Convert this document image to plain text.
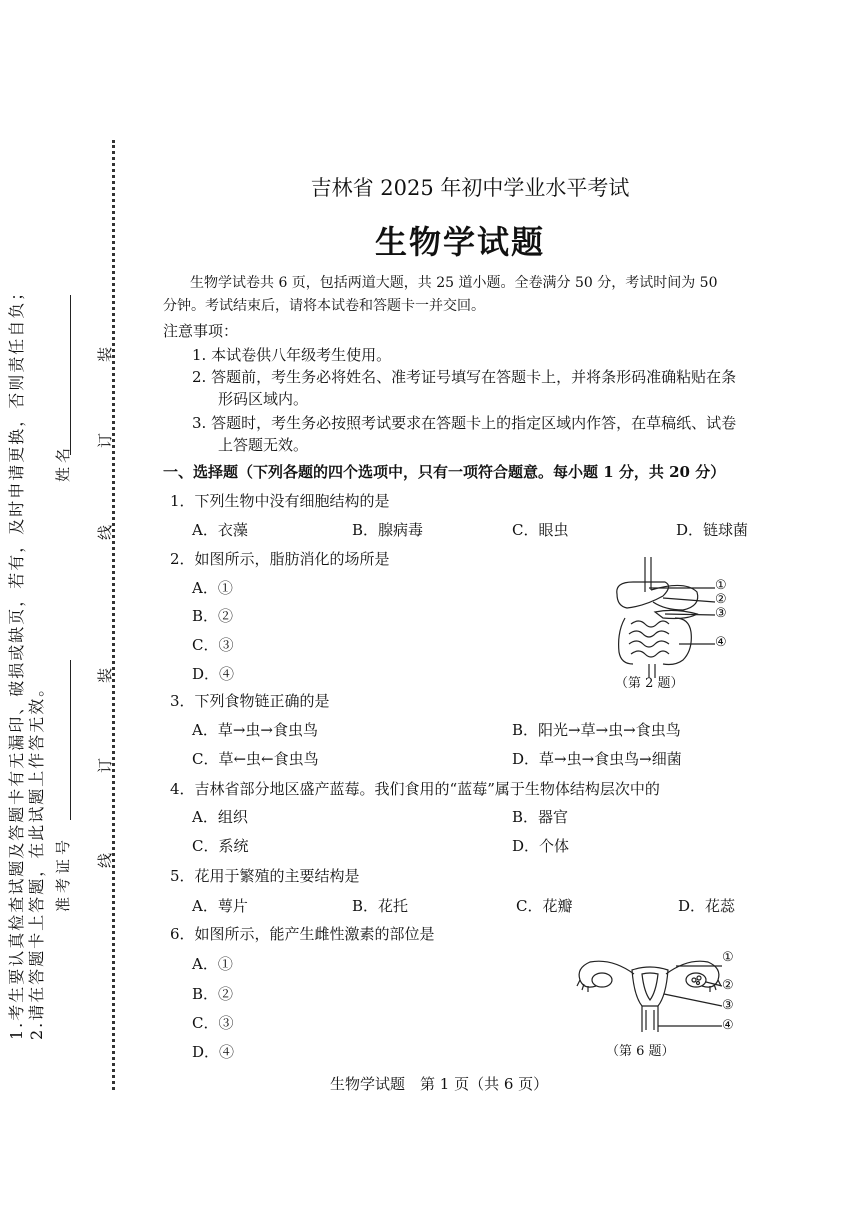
1.考生要认真检查试题及答题卡有无漏印、破损或缺页，若有，及时申请更换，否则责任自负； 2.请在答题卡上答题，在此试题上作答无效。 准考证号
姓名
装
订
线
装
订
线
吉林省 2025 年初中学业水平考试
生物学试题
生物学试卷共 6 页，包括两道大题，共 25 道小题。全卷满分 50 分，考试时间为 50
分钟。考试结束后，请将本试卷和答题卡一并交回。
注意事项：
1. 本试卷供八年级考生使用。
2. 答题前，考生务必将姓名、准考证号填写在答题卡上，并将条形码准确粘贴在条
形码区域内。
3. 答题时，考生务必按照考试要求在答题卡上的指定区域内作答，在草稿纸、试卷
上答题无效。
一、选择题（下列各题的四个选项中，只有一项符合题意。每小题 1 分，共 20 分）
1．下列生物中没有细胞结构的是
A．衣藻	B．腺病毒	C．眼虫	D．链球菌
2．如图所示，脂肪消化的场所是
A．①
B．②
C．③
D．④
①
②
③
④
（第 2 题）
3．下列食物链正确的是
A．草→虫→食虫鸟	B．阳光→草→虫→食虫鸟
C．草←虫←食虫鸟	D．草→虫→食虫鸟→细菌
4．吉林省部分地区盛产蓝莓。我们食用的“蓝莓”属于生物体结构层次中的
A．组织	B．器官
C．系统	D．个体
5．花用于繁殖的主要结构是
A．萼片	B．花托	C．花瓣	D．花蕊
6．如图所示，能产生雌性激素的部位是
A．①
B．②
C．③
D．④
①
②
③
④
（第 6 题）
生物学试题　第 1 页（共 6 页）
